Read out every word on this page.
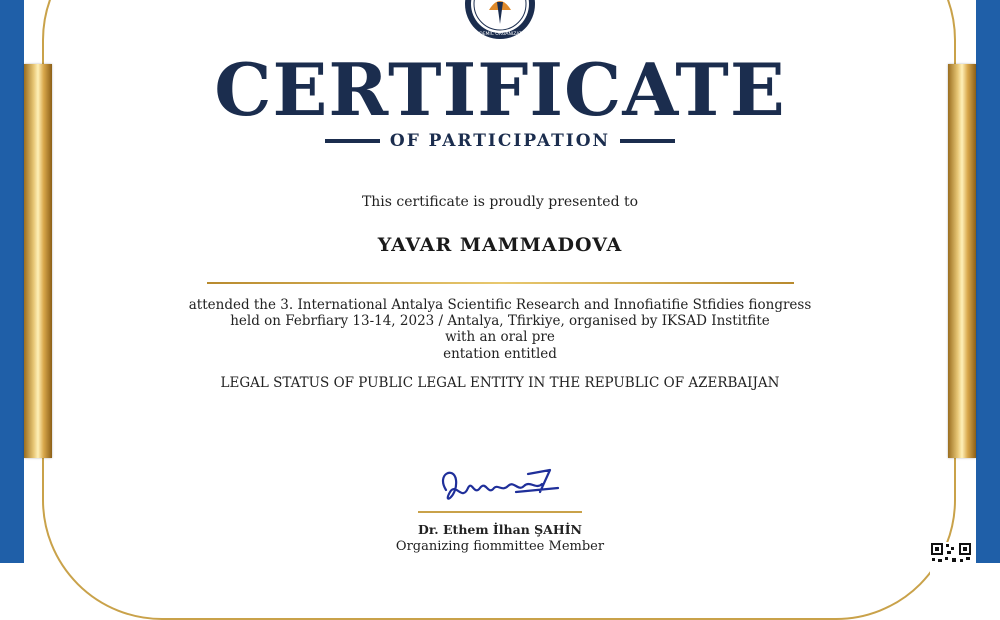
ACADEMIC ORGANIZATION
CERTIFICATE
OF PARTICIPATION
This certificate is proudly presented to
YAVAR MAMMADOVA
attended the 3. International Antalya Scientific Research and Innofiatifie Stfidies fiongress
held on Febrfiary 13-14, 2023 / Antalya, Tfirkiye, organised by IKSAD Institfite
with an oral pre
entation entitled
LEGAL STATUS OF PUBLIC LEGAL ENTITY IN THE REPUBLIC OF AZERBAIJAN
Dr. Ethem İlhan ŞAHİN
Organizing fiommittee Member
